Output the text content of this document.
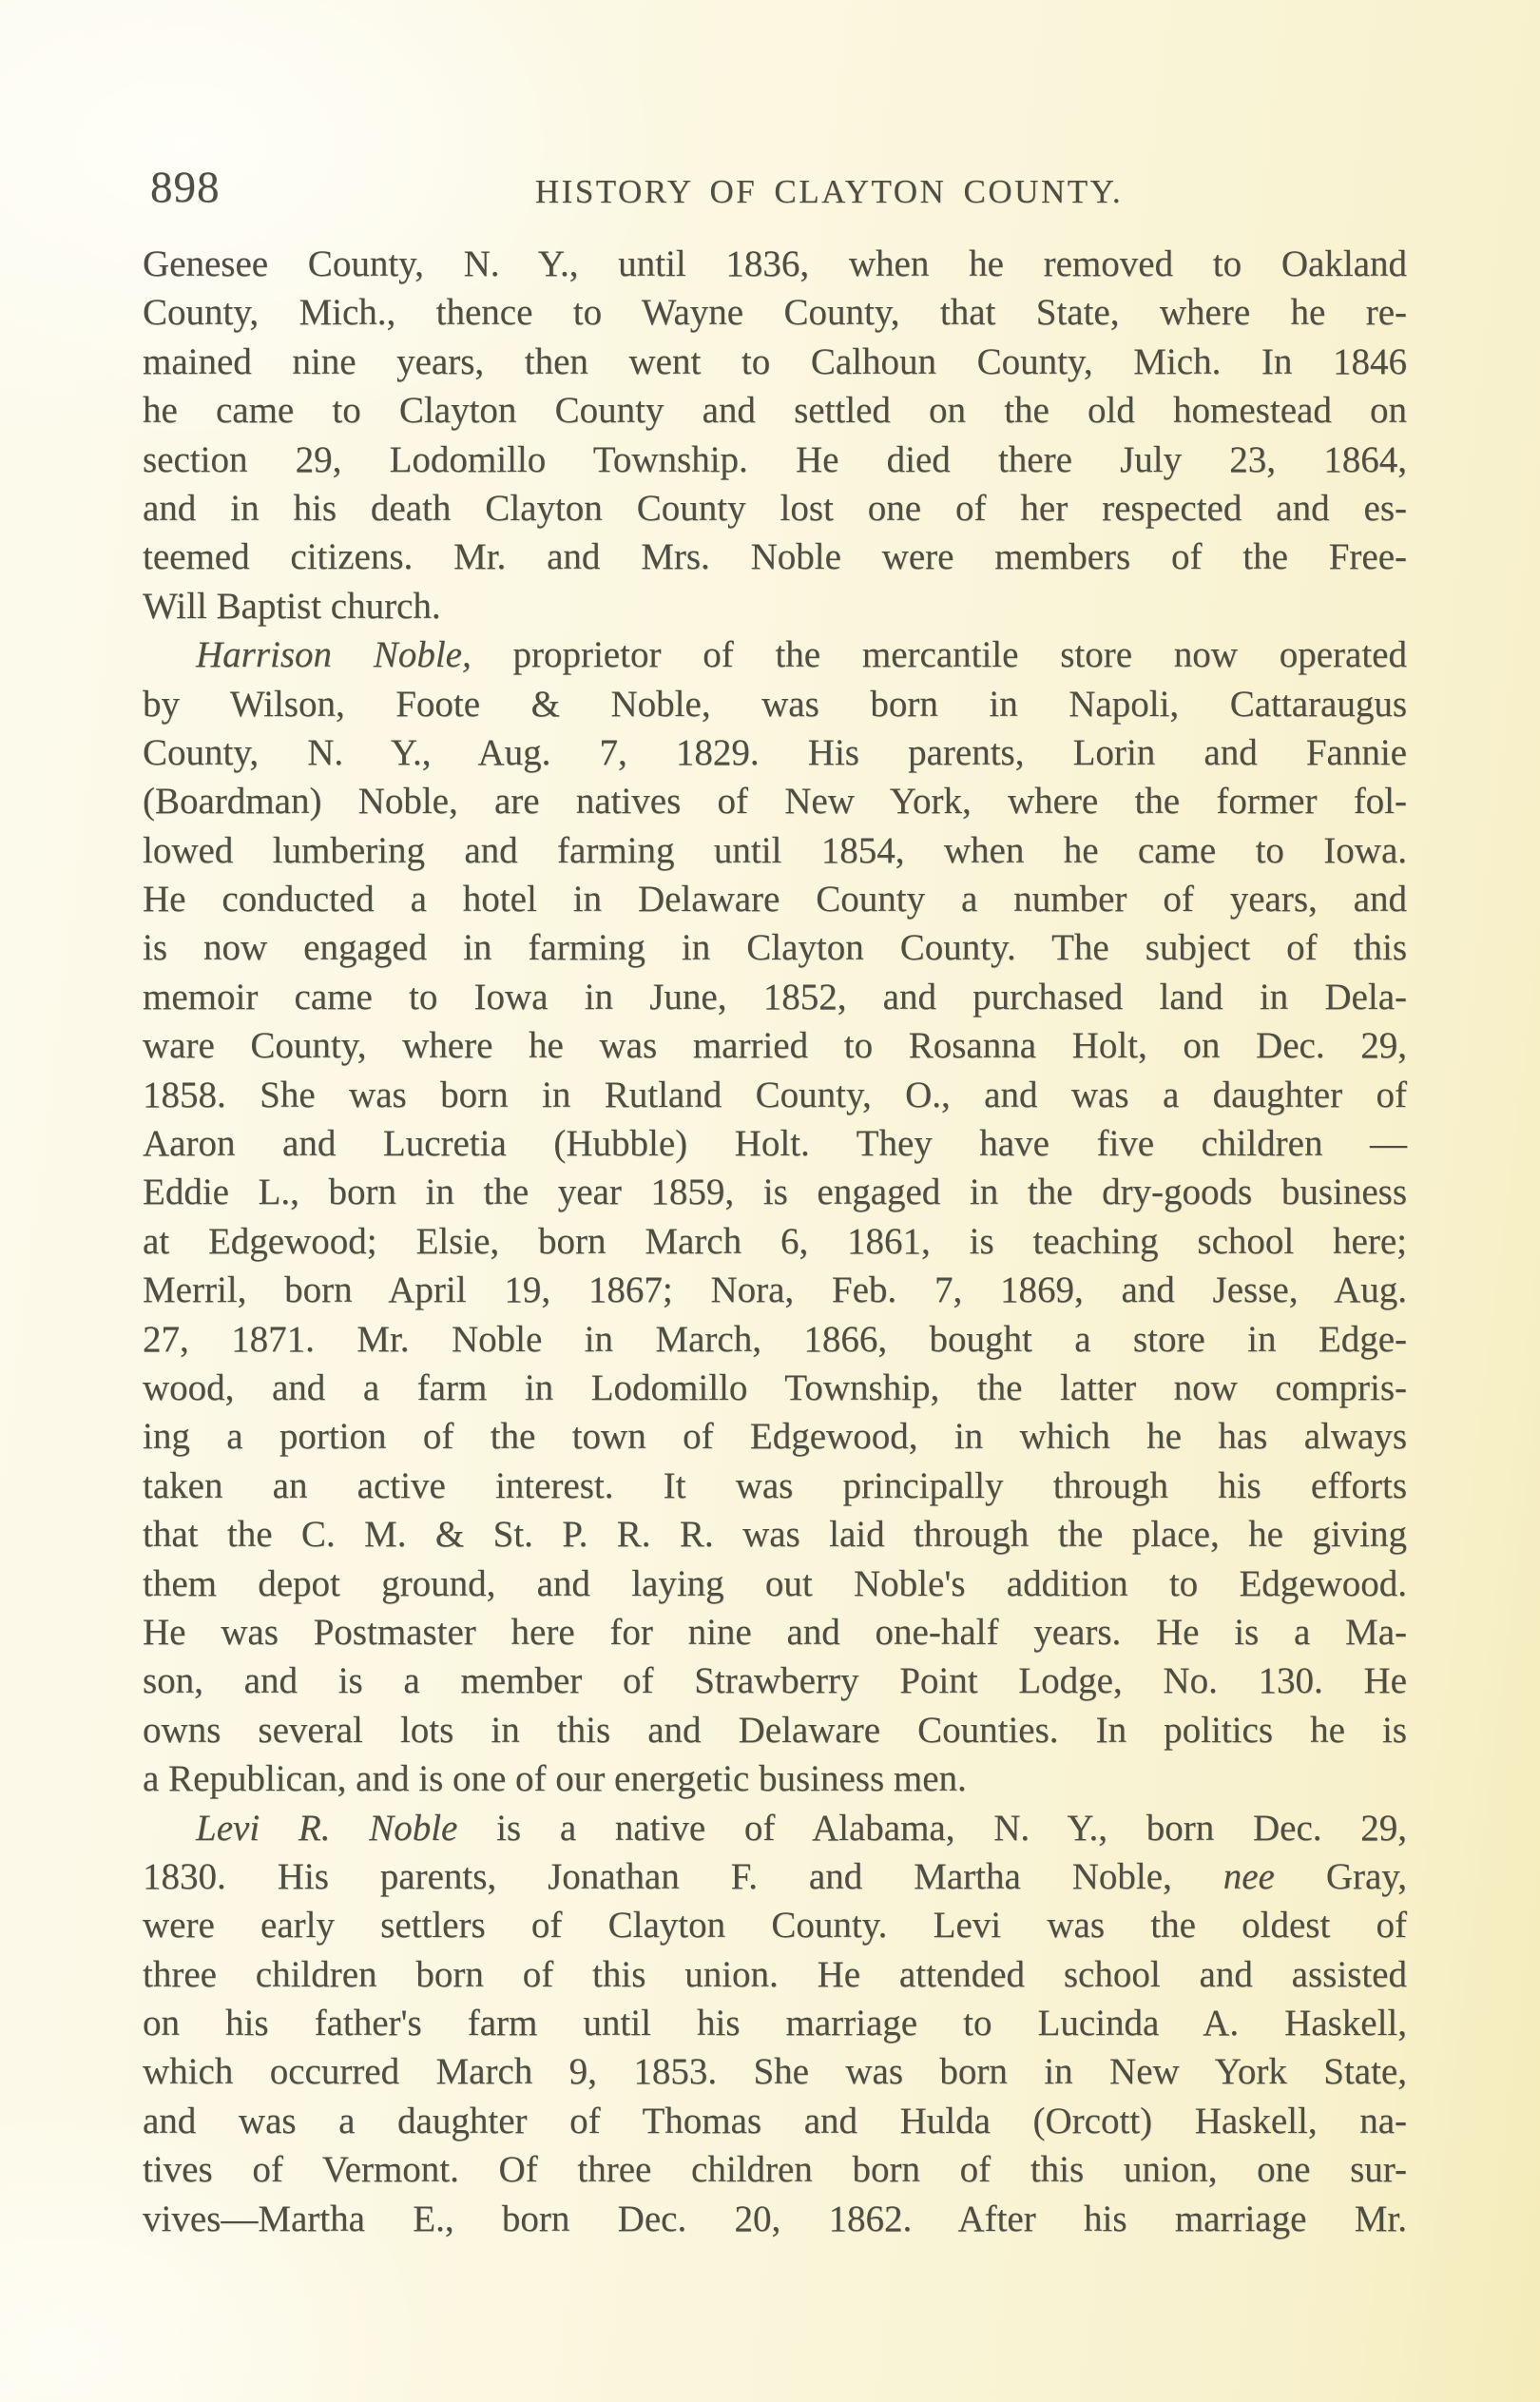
898	HISTORY OF CLAYTON COUNTY.
Genesee County, N. Y., until 1836, when he removed to Oakland
County, Mich., thence to Wayne County, that State, where he re-
mained nine years, then went to Calhoun County, Mich. In 1846
he came to Clayton County and settled on the old homestead on
section 29, Lodomillo Township. He died there July 23, 1864,
and in his death Clayton County lost one of her respected and es-
teemed citizens. Mr. and Mrs. Noble were members of the Free-
Will Baptist church.
Harrison Noble, proprietor of the mercantile store now operated
by Wilson, Foote & Noble, was born in Napoli, Cattaraugus
County, N. Y., Aug. 7, 1829. His parents, Lorin and Fannie
(Boardman) Noble, are natives of New York, where the former fol-
lowed lumbering and farming until 1854, when he came to Iowa.
He conducted a hotel in Delaware County a number of years, and
is now engaged in farming in Clayton County. The subject of this
memoir came to Iowa in June, 1852, and purchased land in Dela-
ware County, where he was married to Rosanna Holt, on Dec. 29,
1858. She was born in Rutland County, O., and was a daughter of
Aaron and Lucretia (Hubble) Holt. They have five children —
Eddie L., born in the year 1859, is engaged in the dry-goods business
at Edgewood; Elsie, born March 6, 1861, is teaching school here;
Merril, born April 19, 1867; Nora, Feb. 7, 1869, and Jesse, Aug.
27, 1871. Mr. Noble in March, 1866, bought a store in Edge-
wood, and a farm in Lodomillo Township, the latter now compris-
ing a portion of the town of Edgewood, in which he has always
taken an active interest. It was principally through his efforts
that the C. M. & St. P. R. R. was laid through the place, he giving
them depot ground, and laying out Noble's addition to Edgewood.
He was Postmaster here for nine and one-half years. He is a Ma-
son, and is a member of Strawberry Point Lodge, No. 130. He
owns several lots in this and Delaware Counties. In politics he is
a Republican, and is one of our energetic business men.
Levi R. Noble is a native of Alabama, N. Y., born Dec. 29,
1830. His parents, Jonathan F. and Martha Noble, nee Gray,
were early settlers of Clayton County. Levi was the oldest of
three children born of this union. He attended school and assisted
on his father's farm until his marriage to Lucinda A. Haskell,
which occurred March 9, 1853. She was born in New York State,
and was a daughter of Thomas and Hulda (Orcott) Haskell, na-
tives of Vermont. Of three children born of this union, one sur-
vives—Martha E., born Dec. 20, 1862. After his marriage Mr.
